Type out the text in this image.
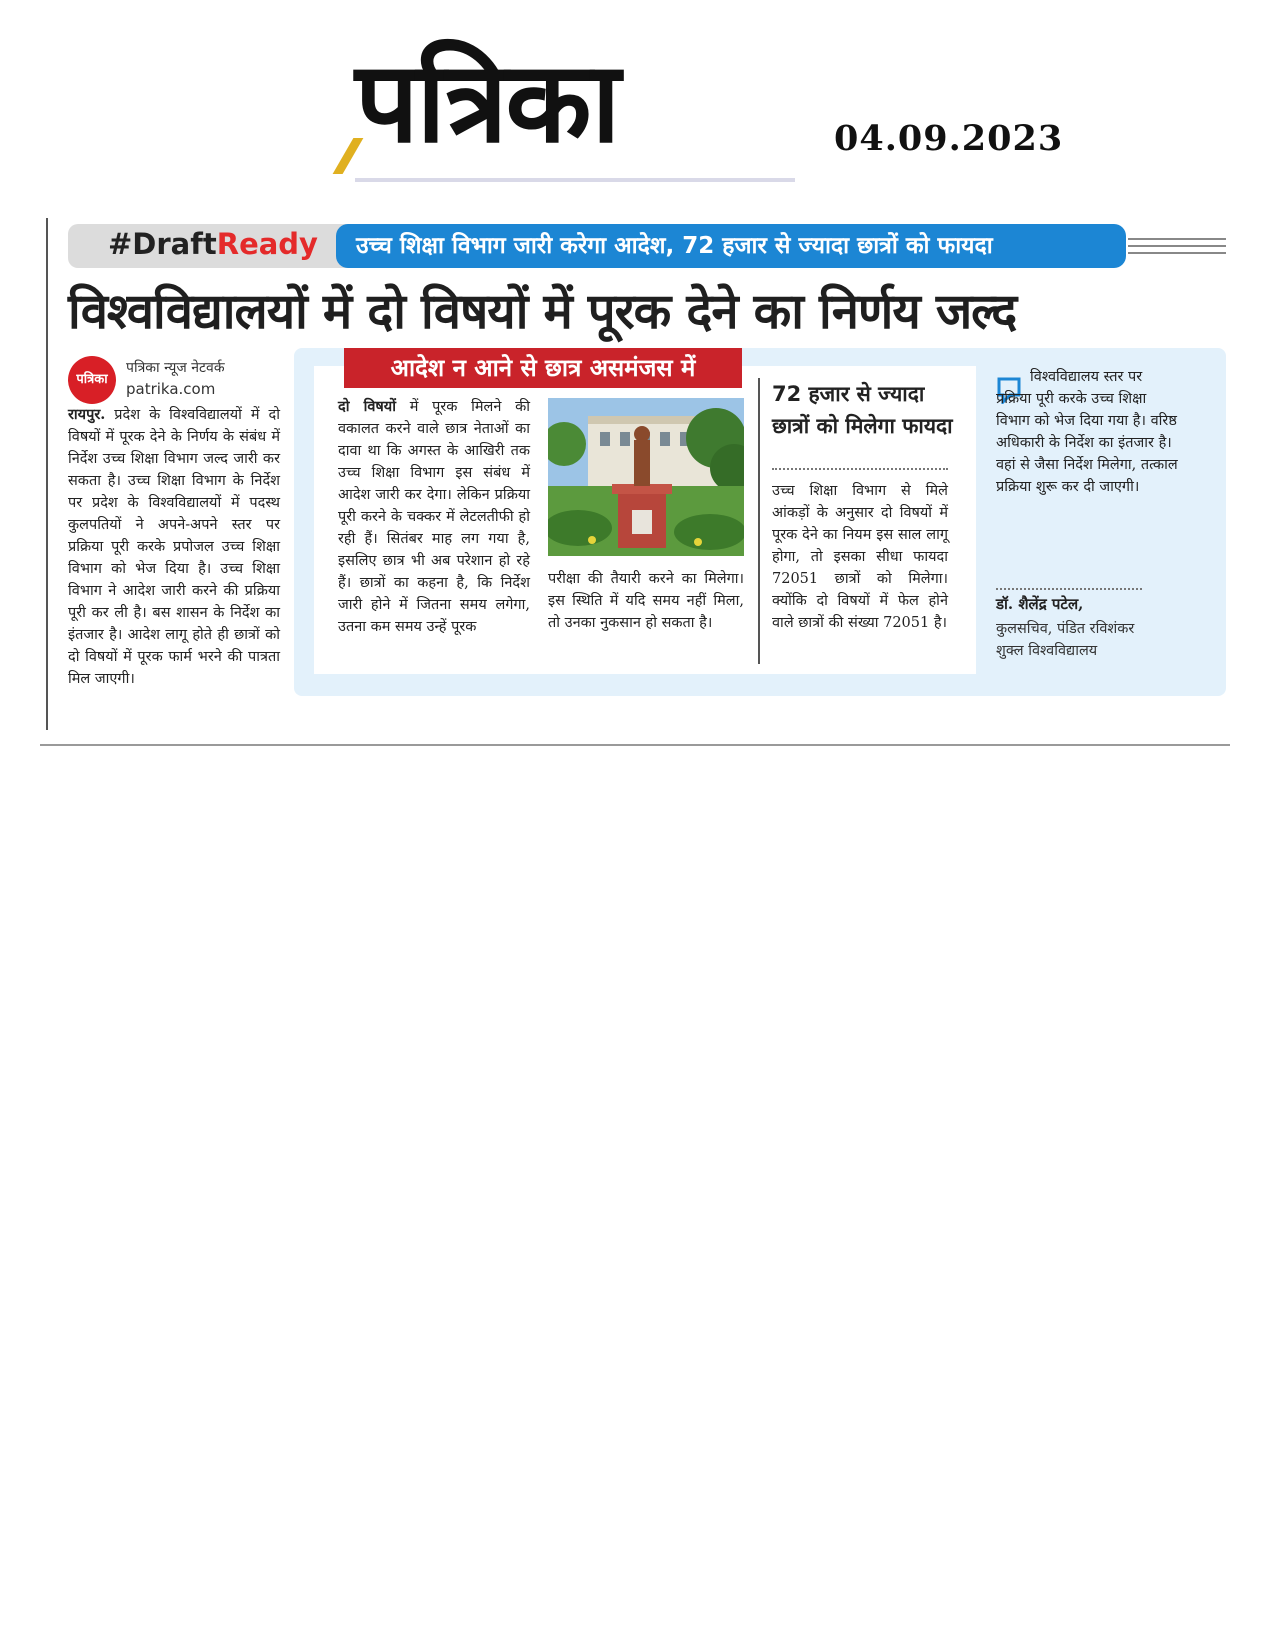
पत्रिका	04.09.2023
#DraftReady	उच्च शिक्षा विभाग जारी करेगा आदेश, 72 हजार से ज्यादा छात्रों को फायदा
विश्वविद्यालयों में दो विषयों में पूरक देने का निर्णय जल्द
पत्रिका
पत्रिका न्यूज नेटवर्क
patrika.com
रायपुर. प्रदेश के विश्वविद्यालयों में दो विषयों में पूरक देने के निर्णय के संबंध में निर्देश उच्च शिक्षा विभाग जल्द जारी कर सकता है। उच्च शिक्षा विभाग के निर्देश पर प्रदेश के विश्वविद्यालयों में पदस्थ कुलपतियों ने अपने-अपने स्तर पर प्रक्रिया पूरी करके प्रपोजल उच्च शिक्षा विभाग को भेज दिया है। उच्च शिक्षा विभाग ने आदेश जारी करने की प्रक्रिया पूरी कर ली है। बस शासन के निर्देश का इंतजार है। आदेश लागू होते ही छात्रों को दो विषयों में पूरक फार्म भरने की पात्रता मिल जाएगी।
आदेश न आने से छात्र असमंजस में
दो विषयों में पूरक मिलने की वकालत करने वाले छात्र नेताओं का दावा था कि अगस्त के आखिरी तक उच्च शिक्षा विभाग इस संबंध में आदेश जारी कर देगा। लेकिन प्रक्रिया पूरी करने के चक्कर में लेटलतीफी हो रही हैं। सितंबर माह लग गया है, इसलिए छात्र भी अब परेशान हो रहे हैं। छात्रों का कहना है, कि निर्देश जारी होने में जितना समय लगेगा, उतना कम समय उन्हें पूरक
परीक्षा की तैयारी करने का मिलेगा। इस स्थिति में यदि समय नहीं मिला, तो उनका नुकसान हो सकता है।
72 हजार से ज्यादा छात्रों को मिलेगा फायदा
उच्च शिक्षा विभाग से मिले आंकड़ों के अनुसार दो विषयों में पूरक देने का नियम इस साल लागू होगा, तो इसका सीधा फायदा 72051 छात्रों को मिलेगा। क्योंकि दो विषयों में फेल होने वाले छात्रों की संख्या 72051 है।
विश्वविद्यालय स्तर पर प्रक्रिया पूरी करके उच्च शिक्षा विभाग को भेज दिया गया है। वरिष्ठ अधिकारी के निर्देश का इंतजार है। वहां से जैसा निर्देश मिलेगा, तत्काल प्रक्रिया शुरू कर दी जाएगी।
डॉ. शैलेंद्र पटेल,
कुलसचिव, पंडित रविशंकर शुक्ल विश्वविद्यालय
